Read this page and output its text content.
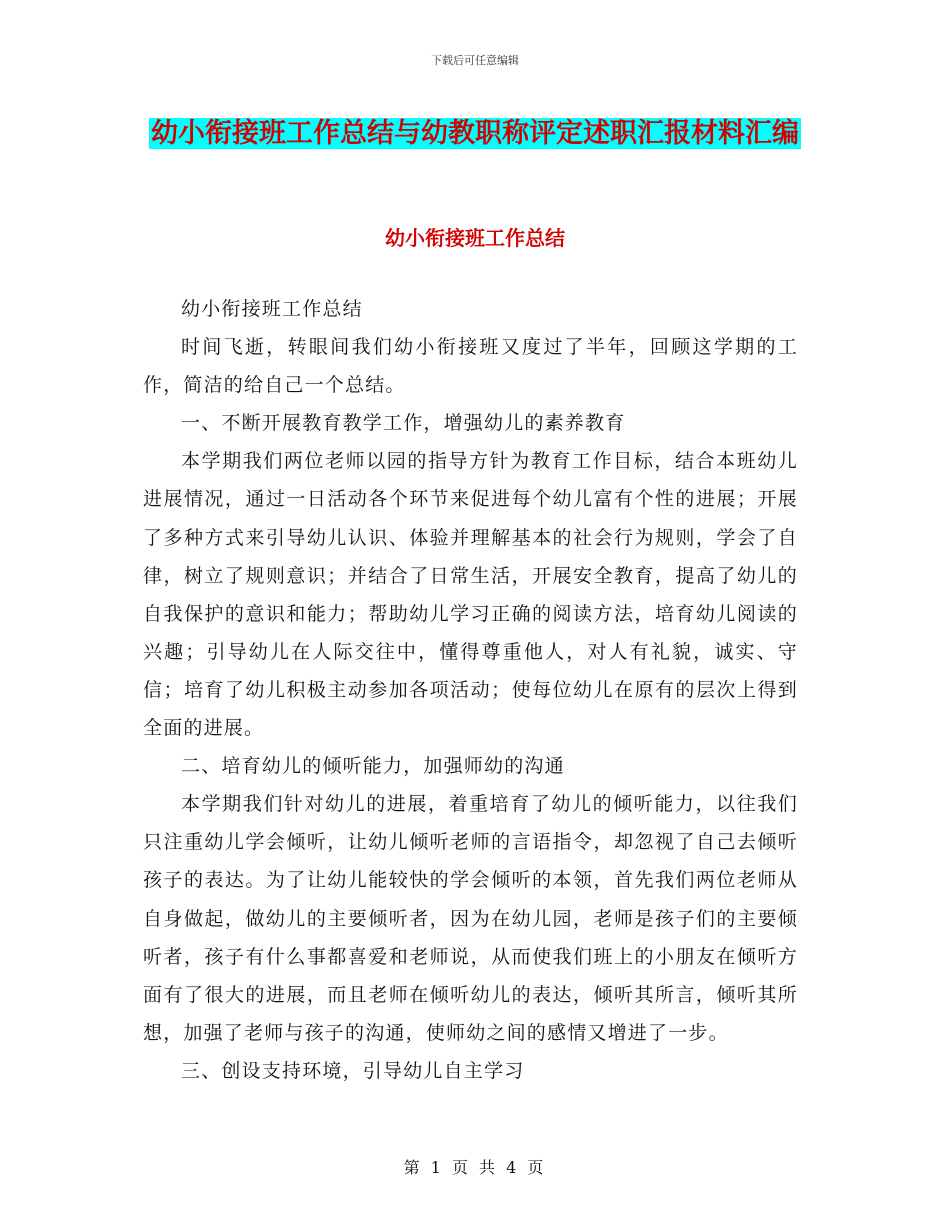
下载后可任意编辑
幼小衔接班工作总结与幼教职称评定述职汇报材料汇编
幼小衔接班工作总结

幼小衔接班工作总结

时间飞逝，转眼间我们幼小衔接班又度过了半年，回顾这学期的工作，简洁的给自己一个总结。

一、不断开展教育教学工作，增强幼儿的素养教育

本学期我们两位老师以园的指导方针为教育工作目标，结合本班幼儿进展情况，通过一日活动各个环节来促进每个幼儿富有个性的进展；开展了多种方式来引导幼儿认识、体验并理解基本的社会行为规则，学会了自律，树立了规则意识；并结合了日常生活，开展安全教育，提高了幼儿的自我保护的意识和能力；帮助幼儿学习正确的阅读方法，培育幼儿阅读的兴趣；引导幼儿在人际交往中，懂得尊重他人，对人有礼貌，诚实、守信；培育了幼儿积极主动参加各项活动；使每位幼儿在原有的层次上得到全面的进展。

二、培育幼儿的倾听能力，加强师幼的沟通

本学期我们针对幼儿的进展，着重培育了幼儿的倾听能力，以往我们只注重幼儿学会倾听，让幼儿倾听老师的言语指令，却忽视了自己去倾听孩子的表达。为了让幼儿能较快的学会倾听的本领，首先我们两位老师从自身做起，做幼儿的主要倾听者，因为在幼儿园，老师是孩子们的主要倾听者，孩子有什么事都喜爱和老师说，从而使我们班上的小朋友在倾听方面有了很大的进展，而且老师在倾听幼儿的表达，倾听其所言，倾听其所想，加强了老师与孩子的沟通，使师幼之间的感情又增进了一步。

三、创设支持环境，引导幼儿自主学习

第 1 页 共 4 页
